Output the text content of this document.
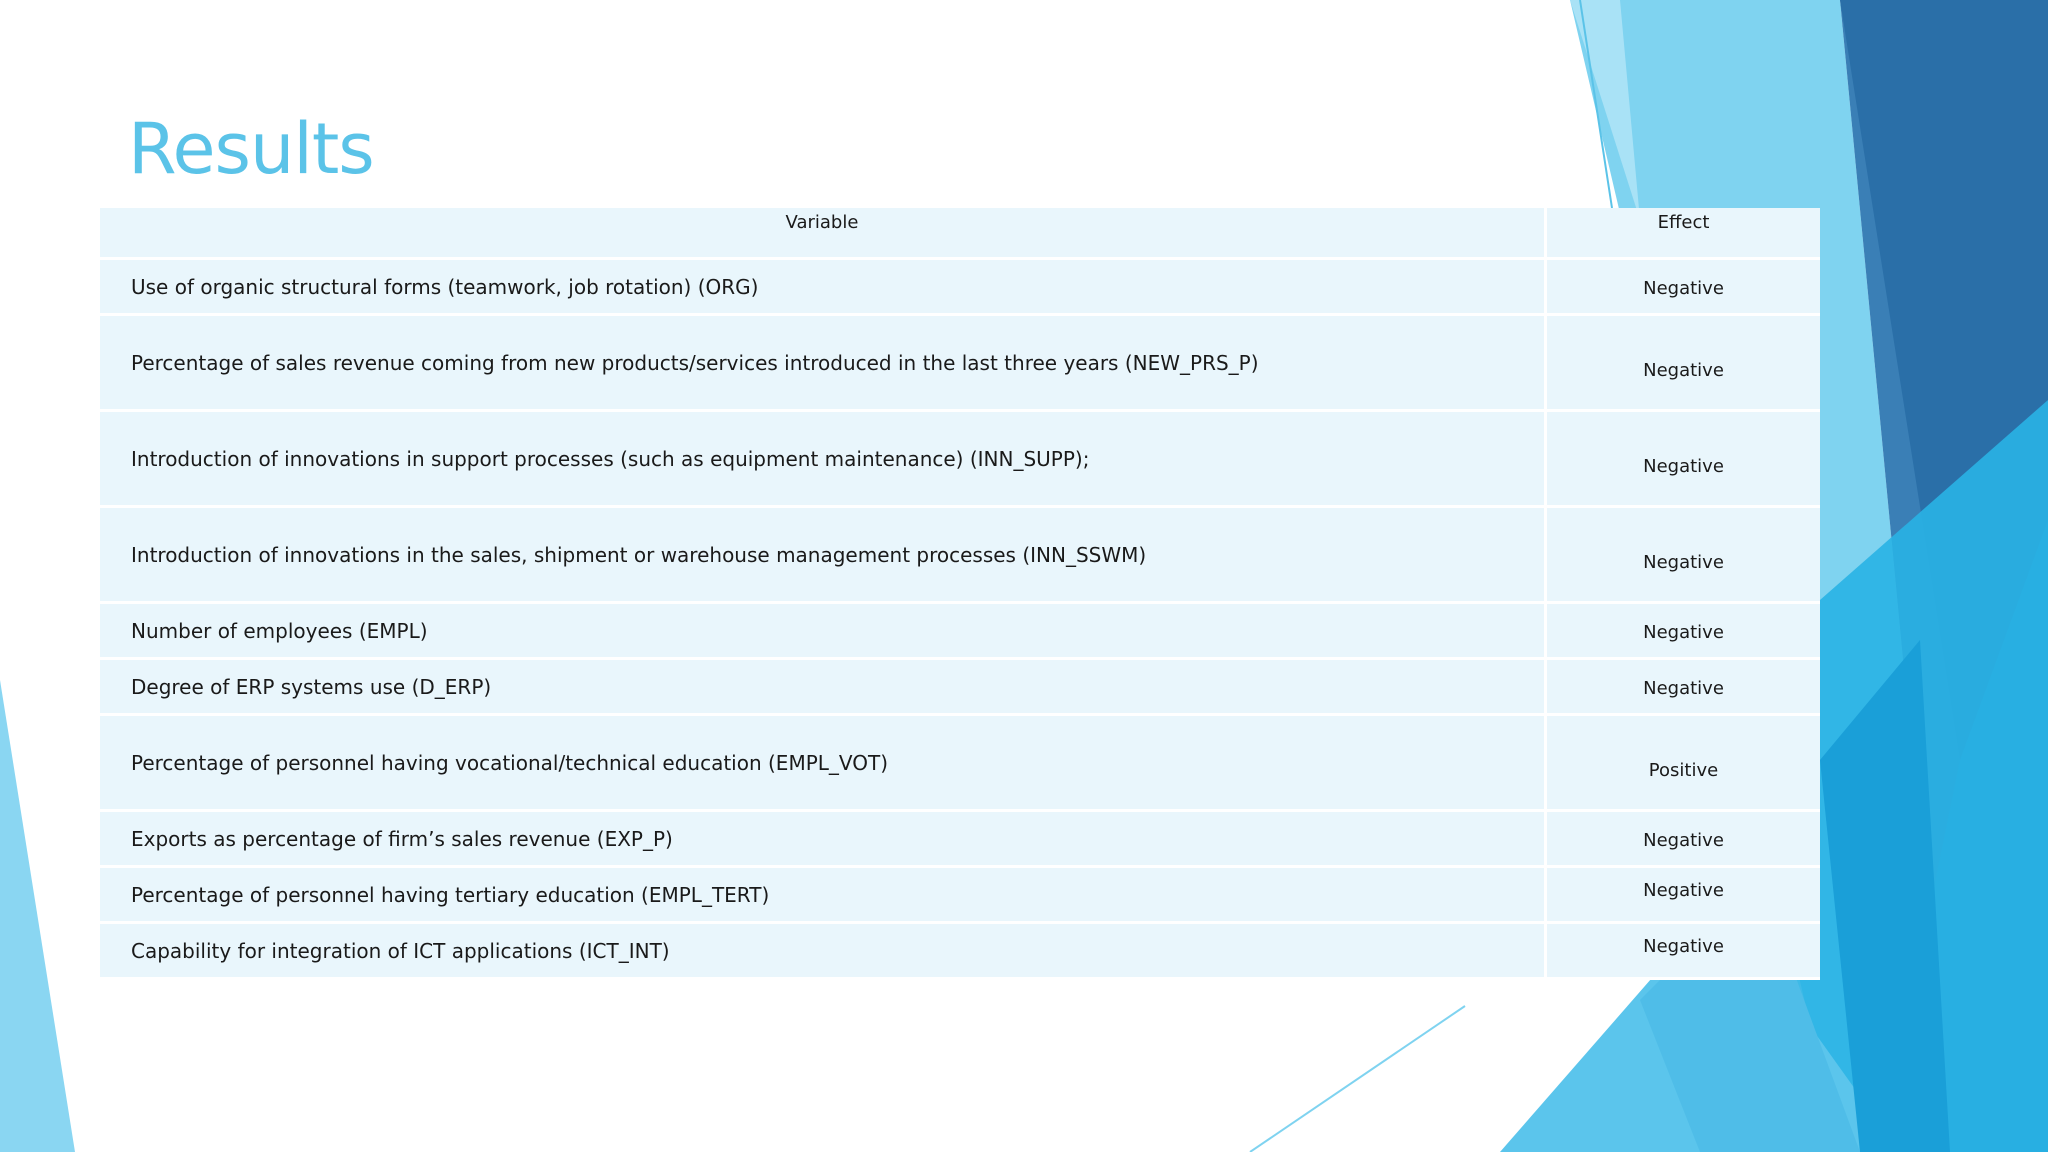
Results
Variable	Effect
Use of organic structural forms (teamwork, job rotation) (ORG)	Negative
Percentage of sales revenue coming from new products/services introduced in the last three years (NEW_PRS_P)	Negative
Introduction of innovations in support processes (such as equipment maintenance) (INN_SUPP);	Negative
Introduction of innovations in the sales, shipment or warehouse management processes (INN_SSWM)	Negative
Number of employees (EMPL)	Negative
Degree of ERP systems use (D_ERP)	Negative
Percentage of personnel having vocational/technical education (EMPL_VOT)	Positive
Exports as percentage of firm’s sales revenue (EXP_P)	Negative
Percentage of personnel having tertiary education (EMPL_TERT)	Negative
Capability for integration of ICT applications (ICT_INT)	Negative
